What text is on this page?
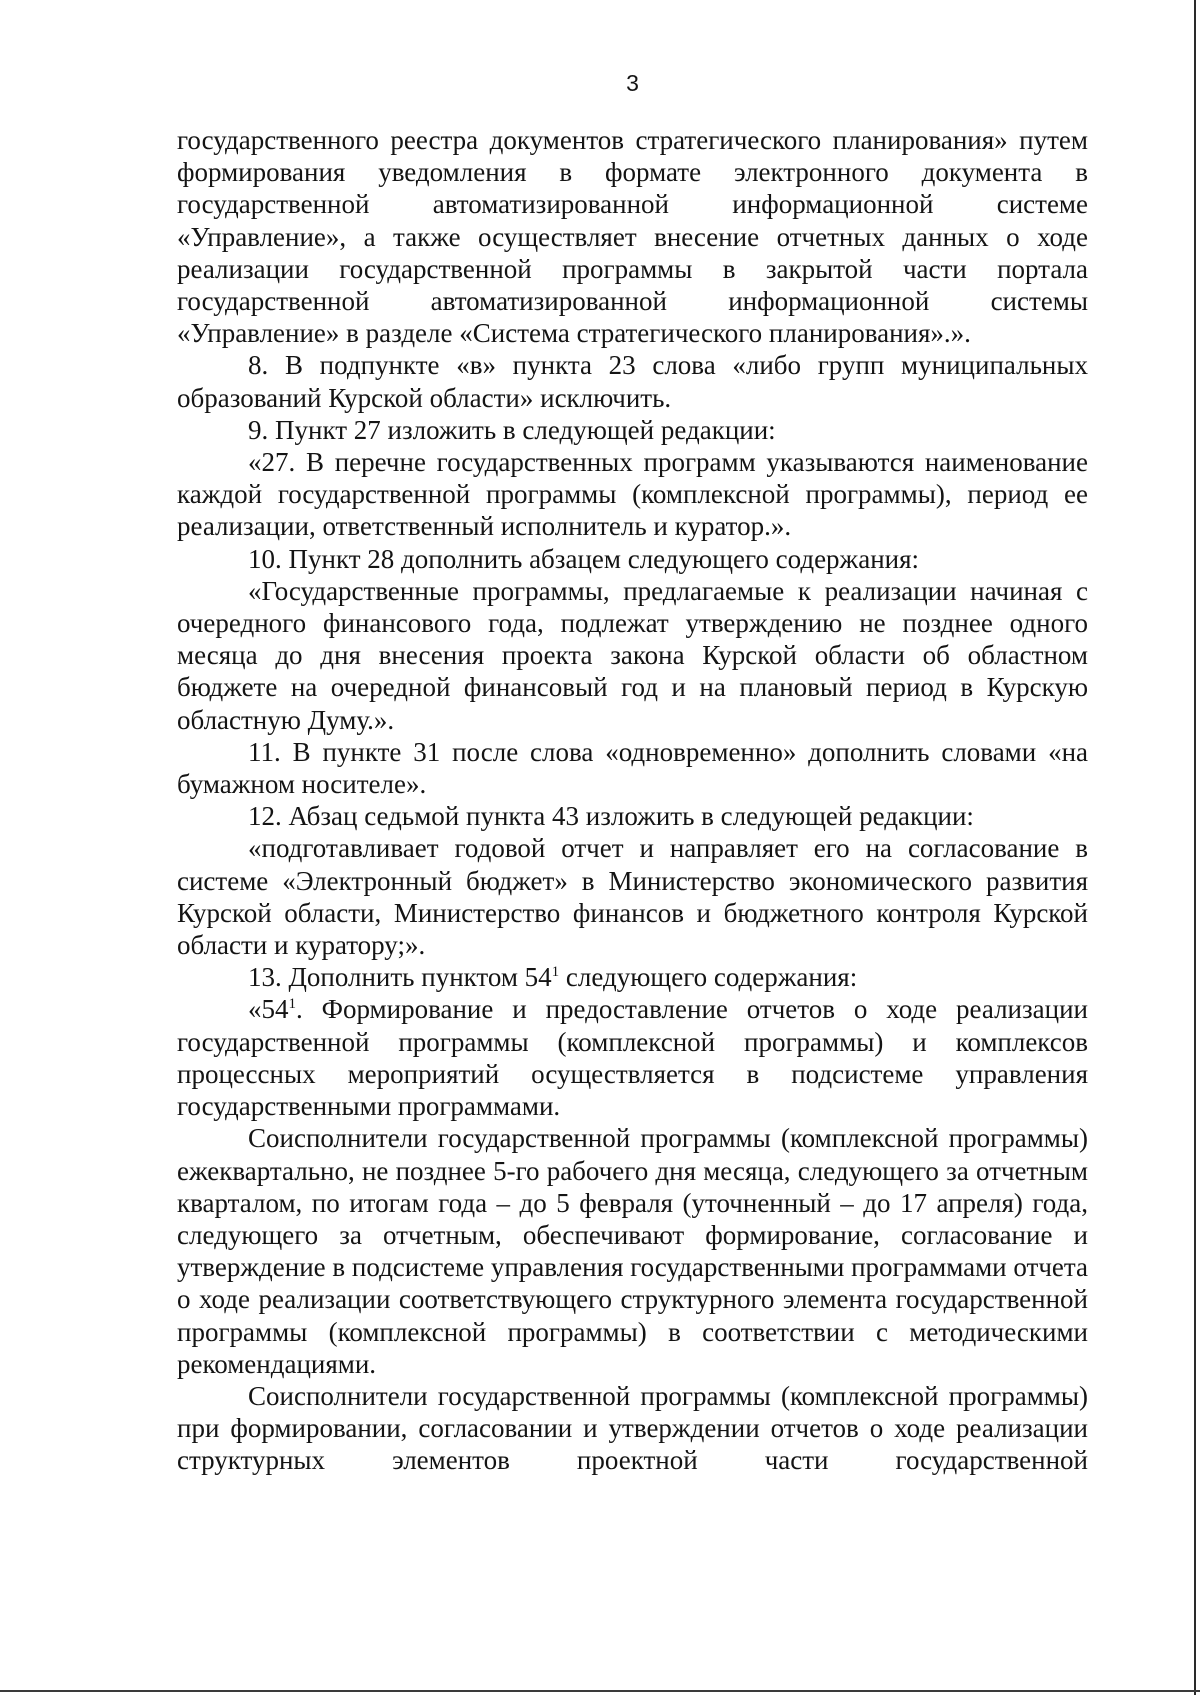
3

государственного реестра документов стратегического планирования» путем формирования уведомления в формате электронного документа в государственной автоматизированной информационной системе «Управление», а также осуществляет внесение отчетных данных о ходе реализации государственной программы в закрытой части портала государственной автоматизированной информационной системы «Управление» в разделе «Система стратегического планирования».».

8. В подпункте «в» пункта 23 слова «либо групп муниципальных образований Курской области» исключить.

9. Пункт 27 изложить в следующей редакции:

«27. В перечне государственных программ указываются наименование каждой государственной программы (комплексной программы), период ее реализации, ответственный исполнитель и куратор.».

10. Пункт 28 дополнить абзацем следующего содержания:

«Государственные программы, предлагаемые к реализации начиная с очередного финансового года, подлежат утверждению не позднее одного месяца до дня внесения проекта закона Курской области об областном бюджете на очередной финансовый год и на плановый период в Курскую областную Думу.».

11. В пункте 31 после слова «одновременно» дополнить словами «на бумажном носителе».

12. Абзац седьмой пункта 43 изложить в следующей редакции:

«подготавливает годовой отчет и направляет его на согласование в системе «Электронный бюджет» в Министерство экономического развития Курской области, Министерство финансов и бюджетного контроля Курской области и куратору;».

13. Дополнить пунктом $54^1$ следующего содержания:

«$54^1$. Формирование и предоставление отчетов о ходе реализации государственной программы (комплексной программы) и комплексов процессных мероприятий осуществляется в подсистеме управления государственными программами.

Соисполнители государственной программы (комплексной программы) ежеквартально, не позднее 5-го рабочего дня месяца, следующего за отчетным кварталом, по итогам года – до 5 февраля (уточненный – до 17 апреля) года, следующего за отчетным, обеспечивают формирование, согласование и утверждение в подсистеме управления государственными программами отчета о ходе реализации соответствующего структурного элемента государственной программы (комплексной программы) в соответствии с методическими рекомендациями.

Соисполнители государственной программы (комплексной программы) при формировании, согласовании и утверждении отчетов о ходе реализации структурных элементов проектной части государственной
